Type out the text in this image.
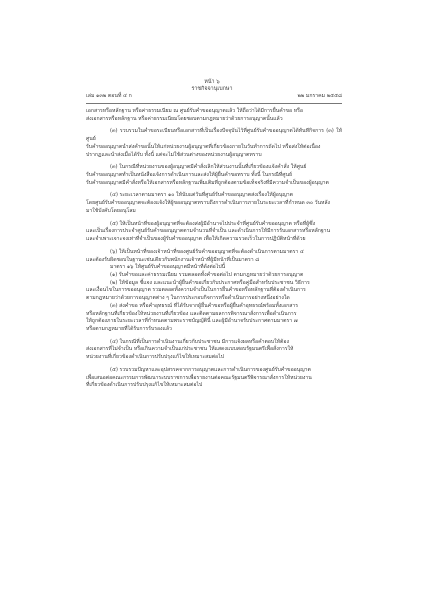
หน้า ๖
ราชกิจจานุเบกษา
เล่ม ๑๓๒ ตอนที่ ๔ ก	๒๒ มกราคม ๒๕๕๘

เอกสารหรือหลักฐาน หรือค่าธรรมเนียม ณ ศูนย์รับคำขออนุญาตแล้ว ให้ถือว่าได้มีการยื่นคำขอ หรือ

ส่งเอกสารหรือหลักฐาน หรือค่าธรรมเนียมโดยชอบตามกฎหมายว่าด้วยการอนุญาตนั้นแล้ว

(๓) รวบรวมในคำขอระเบียนหรือเอกสารที่เป็นเรื่องปัจจุบันไว้ที่ศูนย์รับคำขออนุญาตได้ทันทีกิจการ (๓) ให้ศูนย์

รับคำขออนุญาตนำส่งคำขอนั้นให้แก่หน่วยงานผู้อนุญาตที่เกี่ยวข้องภายในวันทำการถัดไป หรือส่งให้ต่อเนื่อง

ปรากฏและนำส่งเมื่อได้รับ ทั้งนี้ แต่จะไม่ใช้ส่วนต่างของหน่วยงานผู้อนุญาตทราบ

(๓) ในกรณีที่หน่วยงานของผู้อนุญาตมีคำสั่งเลิกให้ส่วนงานนั้นที่เกี่ยวข้องแจ้งคำสั่ง ให้ศูนย์

รับคำขออนุญาตทำเป็นหนังสือแจ้งการดำเนินการและส่งให้ผู้ยื่นคำขอทราบ ทั้งนี้ ในกรณีที่ศูนย์

รับคำขออนุญาตมีคำสั่งหรือให้เอกสารหรือหลักฐานเพิ่มเติมที่ถูกต้องตามข้อเท็จจริงที่มีความจำเป็นของผู้อนุญาต

(๔) ระยะเวลาตามมาตรา ๑๐ ให้นับแต่วันที่ศูนย์รับคำขออนุญาตส่งเรื่องให้ผู้อนุญาต

โดยศูนย์รับคำขออนุญาตจะต้องแจ้งให้ผู้ขออนุญาตทราบถึงการดำเนินการภายในระยะเวลาที่กำหนด ๓๐ วันหลัง

มาใช้บังคับโดยอนุโลม

(๕) ให้เป็นหน้าที่ของผู้อนุญาตที่จะต้องส่งผู้มีอำนาจไปประจำที่ศูนย์รับคำขออนุญาต หรือที่ผู้ซึ่ง

และเป็นเรื่องการประจำศูนย์รับคำขออนุญาตตามจำนวนที่จำเป็น และดำเนินการให้มีการรับเอกสารหรือหลักฐาน

และจำเพาะเจาะจงเท่าที่จำเป็นของผู้รับคำขออนุญาต เพื่อให้เกิดความรวดเร็วในการปฏิบัติหน้าที่ด้วย

(๖) ให้เป็นหน้าที่ของเจ้าหน้าที่ของศูนย์รับคำขออนุญาตที่จะต้องดำเนินการตามมาตรา ๔

และต้องรับผิดชอบในฐานะเช่นเดียวกับพนักงานเจ้าหน้าที่ผู้มีหน้าที่เป็นมาตรา ๘

มาตรา ๑๖ ให้ศูนย์รับคำขออนุญาตมีหน้าที่ดังต่อไปนี้

(๑) รับคำขอและค่าธรรมเนียม รวมตลอดทั้งคำขอต่อไป ตามกฎหมายว่าด้วยการอนุญาต

(๒) ให้ข้อมูล ชี้แจง และแนะนำผู้ยื่นคำขอเกี่ยวกับประกาศหรือคู่มือสำหรับประชาชน วิธีการ

และเงื่อนไขในการขออนุญาต รวมตลอดทั้งความจำเป็นในการยื่นคำขอหรือหลักฐานที่ต้องดำเนินการ

ตามกฎหมายว่าด้วยการอนุญาตต่าง ๆ ในการประกอบกิจการหรือดำเนินการอย่างหนึ่งอย่างใด

(๓) ส่งคำขอ หรือคำอุทธรณ์ ที่ได้รับจากผู้ยื่นคำขอหรือผู้ยื่นคำอุทธรณ์พร้อมทั้งเอกสาร

หรือหลักฐานที่เกี่ยวข้องให้หน่วยงานที่เกี่ยวข้อง และติดตามผลการพิจารณาสั่งการเพื่อดำเนินการ

ให้ถูกต้องภายในระยะเวลาที่กำหนดตามพระราชบัญญัตินี้ และผู้มีอำนาจรับประกาศตามมาตรา ๗

หรือตามกฎหมายที่ได้รับการรับรองแล้ว

(๔) ในกรณีที่เป็นการดำเนินงานเกี่ยวกับประชาชน มีการแจ้งผลหรือคำตอบให้ต้อง

ส่งเอกสารที่ไม่จำเป็น หรือเกินความจำเป็นแก่ประชาชน ให้แสดงแบบสอบรัฐมนตรีเพื่อสั่งการให้

หน่วยงานที่เกี่ยวข้องดำเนินการปรับปรุงแก้ไขให้เหมาะสมต่อไป

(๕) รวบรวมปัญหาและอุปสรรคจากการอนุญาตและการดำเนินการของศูนย์รับคำขออนุญาต

เพื่อเสนอต่อคณะกรรมการพัฒนาระบบราชการเพื่อรายงานต่อคณะรัฐมนตรีพิจารณาสั่งการให้หน่วยงาน

ที่เกี่ยวข้องดำเนินการปรับปรุงแก้ไขให้เหมาะสมต่อไป
